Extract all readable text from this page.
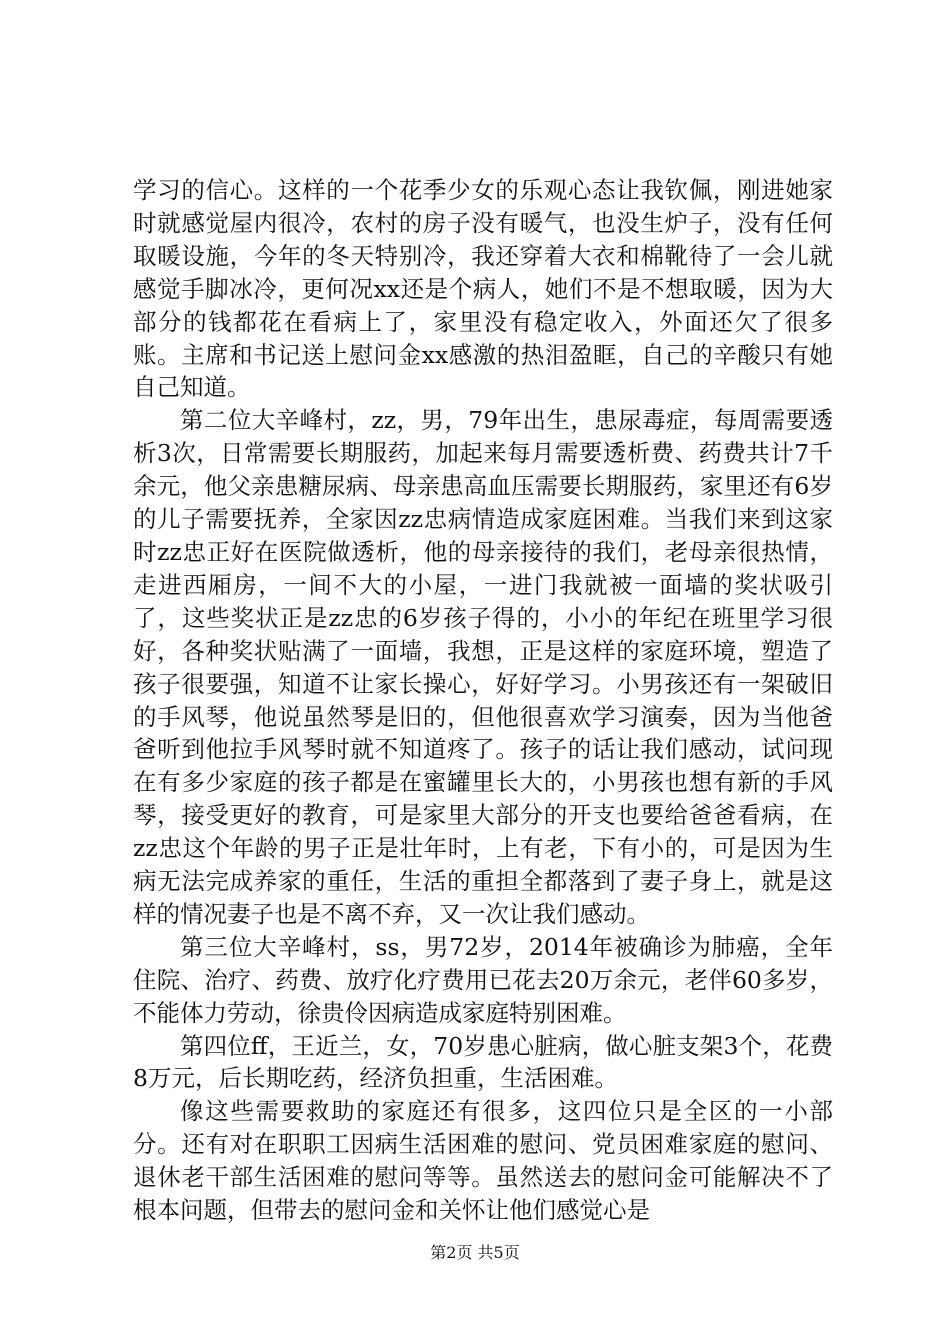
学习的信心。这样的一个花季少女的乐观心态让我钦佩，刚进她家时就感觉屋内很冷，农村的房子没有暖气，也没生炉子，没有任何取暖设施，今年的冬天特别冷，我还穿着大衣和棉靴待了一会儿就感觉手脚冰冷，更何况xx还是个病人，她们不是不想取暖，因为大部分的钱都花在看病上了，家里没有稳定收入，外面还欠了很多账。主席和书记送上慰问金xx感激的热泪盈眶，自己的辛酸只有她自己知道。

第二位大辛峰村，zz，男，79年出生，患尿毒症，每周需要透析3次，日常需要长期服药，加起来每月需要透析费、药费共计7千余元，他父亲患糖尿病、母亲患高血压需要长期服药，家里还有6岁的儿子需要抚养，全家因zz忠病情造成家庭困难。当我们来到这家时zz忠正好在医院做透析，他的母亲接待的我们，老母亲很热情，走进西厢房，一间不大的小屋，一进门我就被一面墙的奖状吸引了，这些奖状正是zz忠的6岁孩子得的，小小的年纪在班里学习很好，各种奖状贴满了一面墙，我想，正是这样的家庭环境，塑造了孩子很要强，知道不让家长操心，好好学习。小男孩还有一架破旧的手风琴，他说虽然琴是旧的，但他很喜欢学习演奏，因为当他爸爸听到他拉手风琴时就不知道疼了。孩子的话让我们感动，试问现在有多少家庭的孩子都是在蜜罐里长大的，小男孩也想有新的手风琴，接受更好的教育，可是家里大部分的开支也要给爸爸看病，在zz忠这个年龄的男子正是壮年时，上有老，下有小的，可是因为生病无法完成养家的重任，生活的重担全都落到了妻子身上，就是这样的情况妻子也是不离不弃，又一次让我们感动。

第三位大辛峰村，ss，男72岁，2014年被确诊为肺癌，全年住院、治疗、药费、放疗化疗费用已花去20万余元，老伴60多岁，不能体力劳动，徐贵伶因病造成家庭特别困难。

第四位ff，王近兰，女，70岁患心脏病，做心脏支架3个，花费8万元，后长期吃药，经济负担重，生活困难。

像这些需要救助的家庭还有很多，这四位只是全区的一小部分。还有对在职职工因病生活困难的慰问、党员困难家庭的慰问、退休老干部生活困难的慰问等等。虽然送去的慰问金可能解决不了根本问题，但带去的慰问金和关怀让他们感觉心是

第2页 共5页
